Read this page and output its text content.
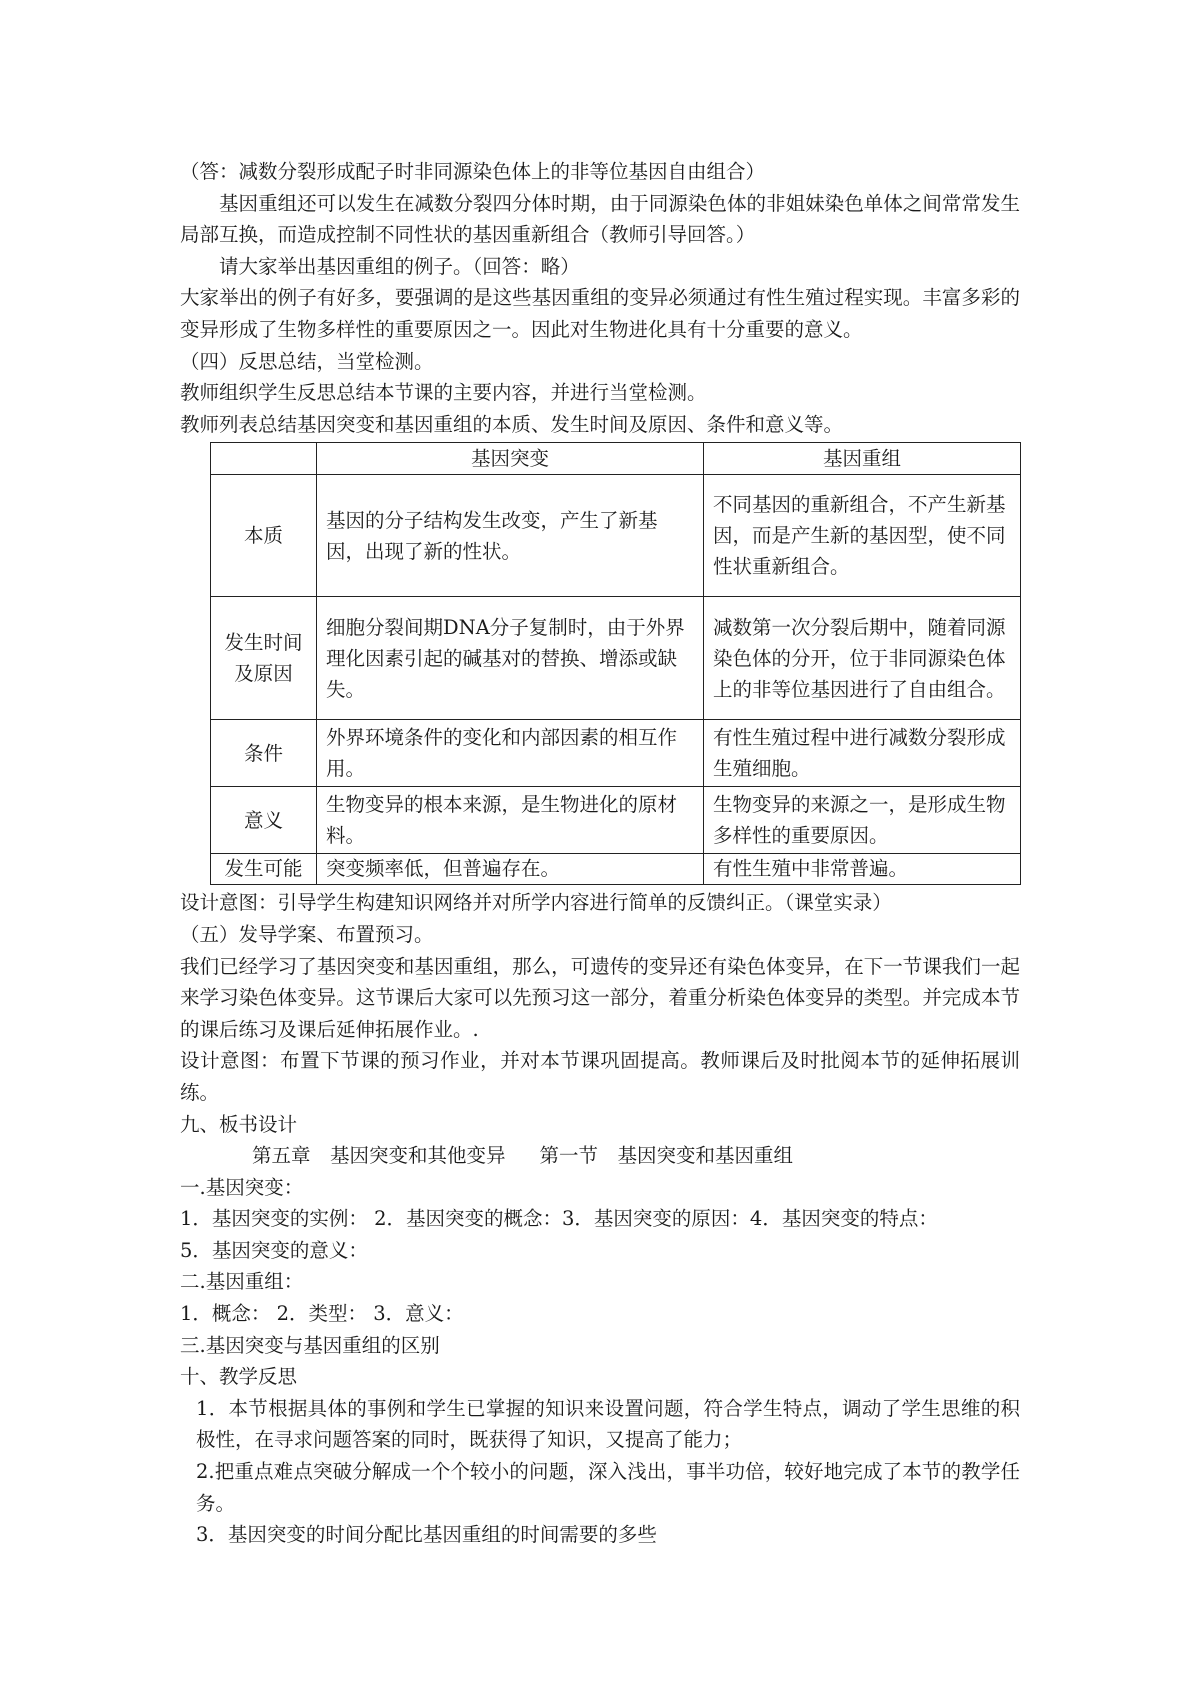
（答：减数分裂形成配子时非同源染色体上的非等位基因自由组合）
基因重组还可以发生在减数分裂四分体时期，由于同源染色体的非姐妹染色单体之间常常发生局部互换，而造成控制不同性状的基因重新组合（教师引导回答。）
请大家举出基因重组的例子。（回答：略）
大家举出的例子有好多，要强调的是这些基因重组的变异必须通过有性生殖过程实现。丰富多彩的变异形成了生物多样性的重要原因之一。因此对生物进化具有十分重要的意义。
（四）反思总结，当堂检测。
教师组织学生反思总结本节课的主要内容，并进行当堂检测。
教师列表总结基因突变和基因重组的本质、发生时间及原因、条件和意义等。
	基因突变	基因重组
本质	基因的分子结构发生改变，产生了新基因，出现了新的性状。	不同基因的重新组合，不产生新基因，而是产生新的基因型，使不同性状重新组合。
发生时间及原因	细胞分裂间期DNA分子复制时，由于外界理化因素引起的碱基对的替换、增添或缺失。	减数第一次分裂后期中，随着同源染色体的分开，位于非同源染色体上的非等位基因进行了自由组合。
条件	外界环境条件的变化和内部因素的相互作用。	有性生殖过程中进行减数分裂形成生殖细胞。
意义	生物变异的根本来源，是生物进化的原材料。	生物变异的来源之一，是形成生物多样性的重要原因。
发生可能	突变频率低，但普遍存在。	有性生殖中非常普遍。
设计意图：引导学生构建知识网络并对所学内容进行简单的反馈纠正。（课堂实录）
（五）发导学案、布置预习。
我们已经学习了基因突变和基因重组，那么，可遗传的变异还有染色体变异，在下一节课我们一起来学习染色体变异。这节课后大家可以先预习这一部分，着重分析染色体变异的类型。并完成本节的课后练习及课后延伸拓展作业。.
设计意图：布置下节课的预习作业，并对本节课巩固提高。教师课后及时批阅本节的延伸拓展训练。
九、板书设计
第五章　基因突变和其他变异 第一节　基因突变和基因重组
一.基因突变：
1．基因突变的实例： 2．基因突变的概念：3．基因突变的原因：4．基因突变的特点：
5．基因突变的意义：
二.基因重组：
1．概念： 2．类型： 3．意义：
三.基因突变与基因重组的区别
十、教学反思
1．本节根据具体的事例和学生已掌握的知识来设置问题，符合学生特点，调动了学生思维的积极性，在寻求问题答案的同时，既获得了知识，又提高了能力；
2.把重点难点突破分解成一个个较小的问题，深入浅出，事半功倍，较好地完成了本节的教学任务。
3．基因突变的时间分配比基因重组的时间需要的多些
